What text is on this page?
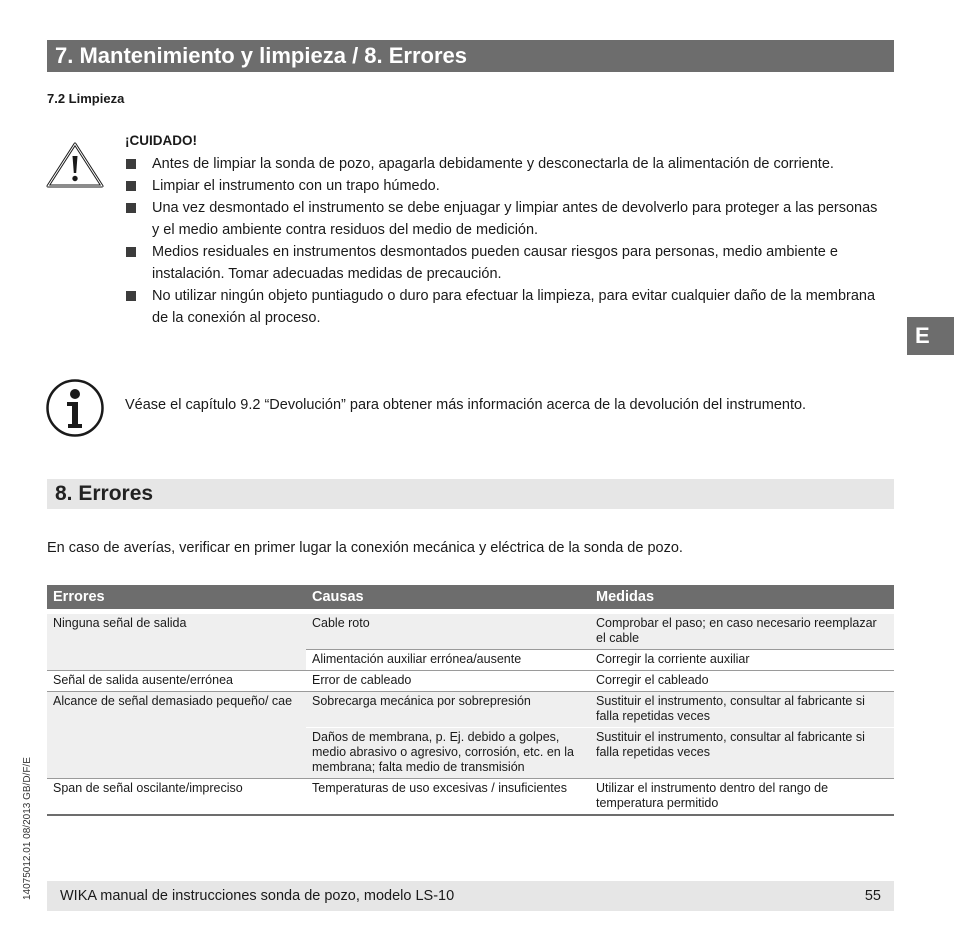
7. Mantenimiento y limpieza / 8. Errores
7.2 Limpieza
¡CUIDADO!
Antes de limpiar la sonda de pozo, apagarla debidamente y desconectarla de la alimentación de corriente.
Limpiar el instrumento con un trapo húmedo.
Una vez desmontado el instrumento se debe enjuagar y limpiar antes de devolverlo para proteger a las personas y el medio ambiente contra residuos del medio de medición.
Medios residuales en instrumentos desmontados pueden causar riesgos para personas, medio ambiente e instalación. Tomar adecuadas medidas de precaución.
No utilizar ningún objeto puntiagudo o duro para efectuar la limpieza, para evitar cualquier daño de la membrana de la conexión al proceso.
E
Véase el capítulo 9.2 “Devolución” para obtener más información acerca de la devolución del instrumento.
8. Errores
En caso de averías, verificar en primer lugar la conexión mecánica y eléctrica de la sonda de pozo.
Errores	Causas	Medidas

Ninguna señal de salida	Cable roto	Comprobar el paso; en caso necesario reemplazar el cable
	Alimentación auxiliar errónea/ausente	Corregir la corriente auxiliar
Señal de salida ausente/errónea	Error de cableado	Corregir el cableado
Alcance de señal demasiado pequeño/ cae	Sobrecarga mecánica por sobrepresión	Sustituir el instrumento, consultar al fabricante si falla repetidas veces
	Daños de membrana, p. Ej. debido a golpes, medio abrasivo o agresivo, corrosión, etc. en la membrana; falta medio de transmisión	Sustituir el instrumento, consultar al fabricante si falla repetidas veces
Span de señal oscilante/impreciso	Temperaturas de uso excesivas / insuficientes	Utilizar el instrumento dentro del rango de temperatura permitido
14075012.01 08/2013 GB/D/F/E	WIKA manual de instrucciones sonda de pozo, modelo LS-10	55
